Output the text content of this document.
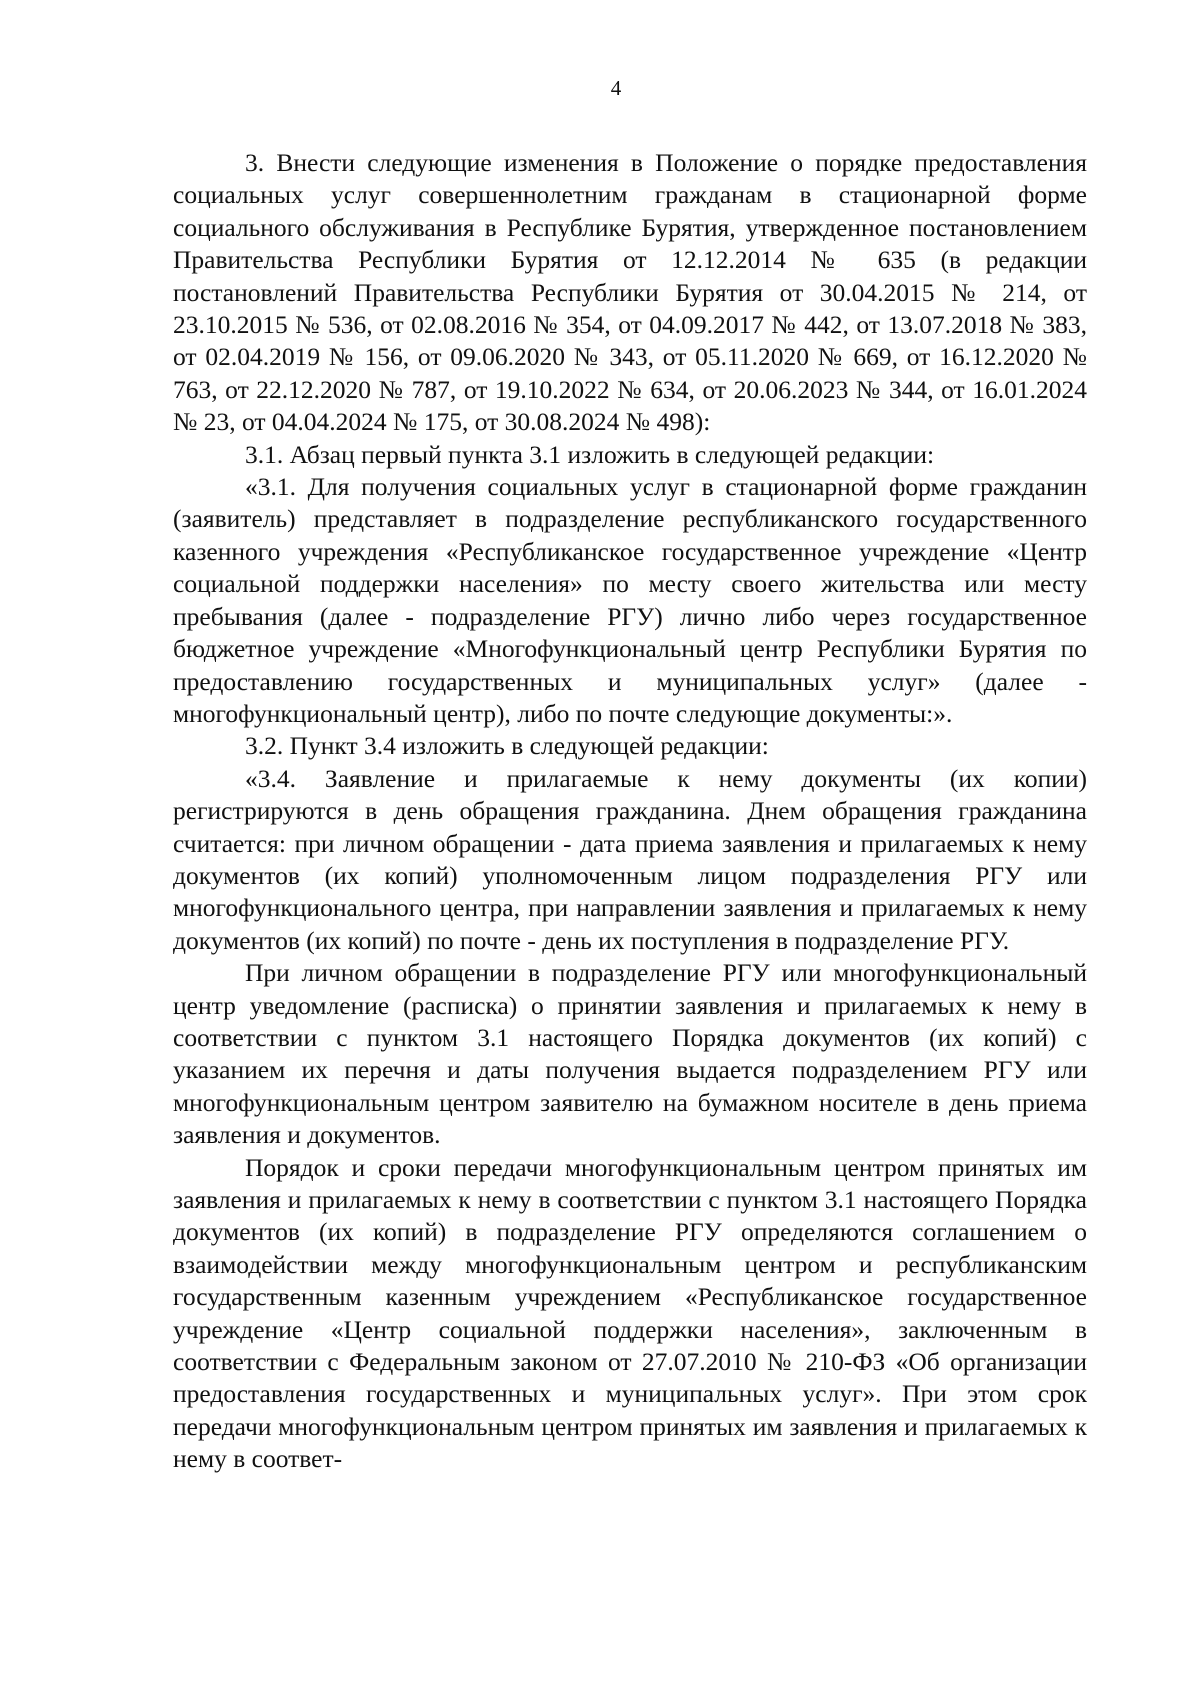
4

3. Внести следующие изменения в Положение о порядке предоставления социальных услуг совершеннолетним гражданам в стационарной форме социального обслуживания в Республике Бурятия, утвержденное постановлением Правительства Республики Бурятия от 12.12.2014 № 635 (в редакции постановлений Правительства Республики Бурятия от 30.04.2015 № 214, от 23.10.2015 № 536, от 02.08.2016 № 354, от 04.09.2017 № 442, от 13.07.2018 № 383, от 02.04.2019 № 156, от 09.06.2020 № 343, от 05.11.2020 № 669, от 16.12.2020 № 763, от 22.12.2020 № 787, от 19.10.2022 № 634, от 20.06.2023 № 344, от 16.01.2024 № 23, от 04.04.2024 № 175, от 30.08.2024 № 498):

3.1. Абзац первый пункта 3.1 изложить в следующей редакции:

«3.1. Для получения социальных услуг в стационарной форме гражданин (заявитель) представляет в подразделение республиканского государственного казенного учреждения «Республиканское государственное учреждение «Центр социальной поддержки населения» по месту своего жительства или месту пребывания (далее - подразделение РГУ) лично либо через государственное бюджетное учреждение «Многофункциональный центр Республики Бурятия по предоставлению государственных и муниципальных услуг» (далее - многофункциональный центр), либо по почте следующие документы:».

3.2. Пункт 3.4 изложить в следующей редакции:

«3.4. Заявление и прилагаемые к нему документы (их копии) регистрируются в день обращения гражданина. Днем обращения гражданина считается: при личном обращении - дата приема заявления и прилагаемых к нему документов (их копий) уполномоченным лицом подразделения РГУ или многофункционального центра, при направлении заявления и прилагаемых к нему документов (их копий) по почте - день их поступления в подразделение РГУ.

При личном обращении в подразделение РГУ или многофункциональный центр уведомление (расписка) о принятии заявления и прилагаемых к нему в соответствии с пунктом 3.1 настоящего Порядка документов (их копий) с указанием их перечня и даты получения выдается подразделением РГУ или многофункциональным центром заявителю на бумажном носителе в день приема заявления и документов.

Порядок и сроки передачи многофункциональным центром принятых им заявления и прилагаемых к нему в соответствии с пунктом 3.1 настоящего Порядка документов (их копий) в подразделение РГУ определяются соглашением о взаимодействии между многофункциональным центром и республиканским государственным казенным учреждением «Республиканское государственное учреждение «Центр социальной поддержки населения», заключенным в соответствии с Федеральным законом от 27.07.2010 № 210-ФЗ «Об организации предоставления государственных и муниципальных услуг». При этом срок передачи многофункциональным центром принятых им заявления и прилагаемых к нему в соответ-
